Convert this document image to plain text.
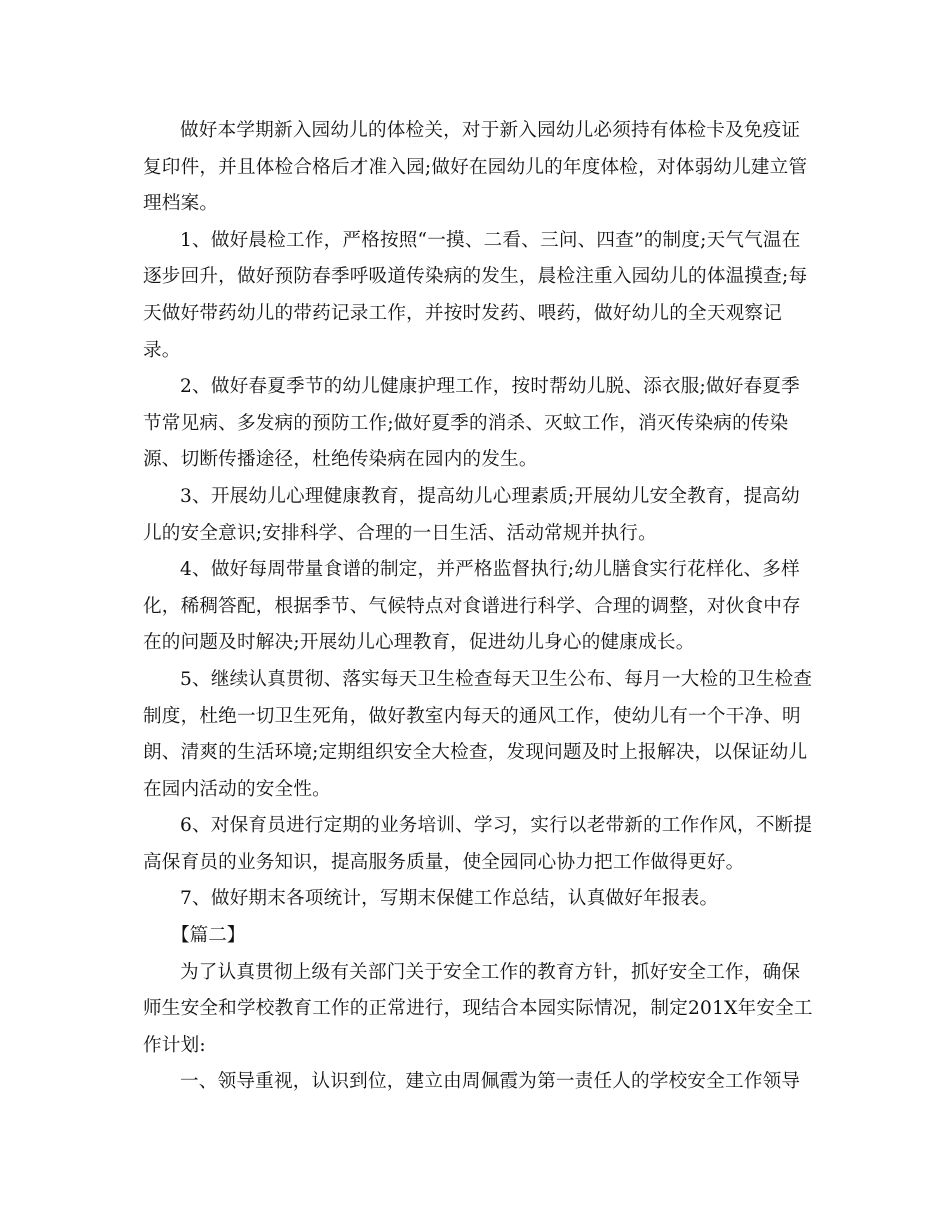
做好本学期新入园幼儿的体检关，对于新入园幼儿必须持有体检卡及免疫证
复印件，并且体检合格后才准入园;做好在园幼儿的年度体检，对体弱幼儿建立管
理档案。

1、做好晨检工作，严格按照“一摸、二看、三问、四查”的制度;天气气温在
逐步回升，做好预防春季呼吸道传染病的发生，晨检注重入园幼儿的体温摸查;每
天做好带药幼儿的带药记录工作，并按时发药、喂药，做好幼儿的全天观察记
录。

2、做好春夏季节的幼儿健康护理工作，按时帮幼儿脱、添衣服;做好春夏季
节常见病、多发病的预防工作;做好夏季的消杀、灭蚊工作，消灭传染病的传染
源、切断传播途径，杜绝传染病在园内的发生。

3、开展幼儿心理健康教育，提高幼儿心理素质;开展幼儿安全教育，提高幼
儿的安全意识;安排科学、合理的一日生活、活动常规并执行。

4、做好每周带量食谱的制定，并严格监督执行;幼儿膳食实行花样化、多样
化，稀稠答配，根据季节、气候特点对食谱进行科学、合理的调整，对伙食中存
在的问题及时解决;开展幼儿心理教育，促进幼儿身心的健康成长。

5、继续认真贯彻、落实每天卫生检查每天卫生公布、每月一大检的卫生检查
制度，杜绝一切卫生死角，做好教室内每天的通风工作，使幼儿有一个干净、明
朗、清爽的生活环境;定期组织安全大检查，发现问题及时上报解决，以保证幼儿
在园内活动的安全性。

6、对保育员进行定期的业务培训、学习，实行以老带新的工作作风，不断提
高保育员的业务知识，提高服务质量，使全园同心协力把工作做得更好。

7、做好期末各项统计，写期末保健工作总结，认真做好年报表。

【篇二】

为了认真贯彻上级有关部门关于安全工作的教育方针，抓好安全工作，确保
师生安全和学校教育工作的正常进行，现结合本园实际情况，制定201X年安全工
作计划:

一、领导重视，认识到位，建立由周佩霞为第一责任人的学校安全工作领导
